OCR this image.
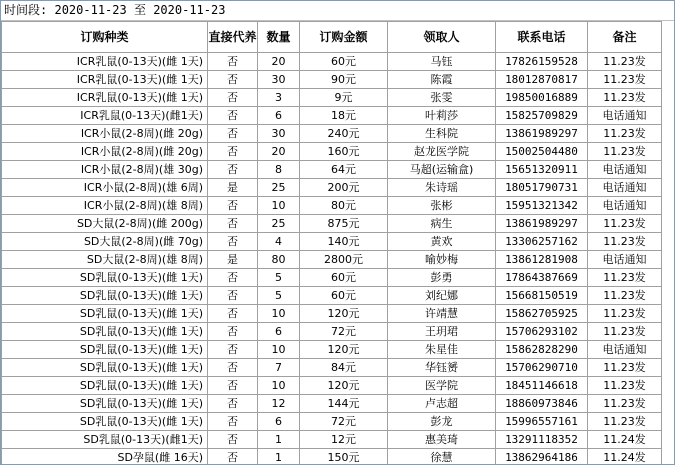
时间段: 2020-11-23 至 2020-11-23
订购种类	直接代养	数量	订购金额	领取人	联系电话	备注
ICR乳鼠(0-13天)(雌 1天)	否	20	60元	马钰	17826159528	11.23发
ICR乳鼠(0-13天)(雌 1天)	否	30	90元	陈霞	18012870817	11.23发
ICR乳鼠(0-13天)(雌 1天)	否	3	9元	张雯	19850016889	11.23发
ICR乳鼠(0-13天)(雌1天)	否	6	18元	叶莉莎	15825709829	电话通知
ICR小鼠(2-8周)(雌 20g)	否	30	240元	生科院	13861989297	11.23发
ICR小鼠(2-8周)(雌 20g)	否	20	160元	赵龙医学院	15002504480	11.23发
ICR小鼠(2-8周)(雄 30g)	否	8	64元	马超(运输盒)	15651320911	电话通知
ICR小鼠(2-8周)(雄 6周)	是	25	200元	朱诗瑶	18051790731	电话通知
ICR小鼠(2-8周)(雄 8周)	否	10	80元	张彬	15951321342	电话通知
SD大鼠(2-8周)(雌 200g)	否	25	875元	病生	13861989297	11.23发
SD大鼠(2-8周)(雌 70g)	否	4	140元	黄欢	13306257162	11.23发
SD大鼠(2-8周)(雄 8周)	是	80	2800元	喻妙梅	13861281908	电话通知
SD乳鼠(0-13天)(雌 1天)	否	5	60元	彭勇	17864387669	11.23发
SD乳鼠(0-13天)(雌 1天)	否	5	60元	刘纪娜	15668150519	11.23发
SD乳鼠(0-13天)(雌 1天)	否	10	120元	许靖慧	15862705925	11.23发
SD乳鼠(0-13天)(雌 1天)	否	6	72元	王玥珺	15706293102	11.23发
SD乳鼠(0-13天)(雌 1天)	否	10	120元	朱星佳	15862828290	电话通知
SD乳鼠(0-13天)(雌 1天)	否	7	84元	华钰赟	15706290710	11.23发
SD乳鼠(0-13天)(雌 1天)	否	10	120元	医学院	18451146618	11.23发
SD乳鼠(0-13天)(雌 1天)	否	12	144元	卢志超	18860973846	11.23发
SD乳鼠(0-13天)(雌 1天)	否	6	72元	彭龙	15996557161	11.23发
SD乳鼠(0-13天)(雌1天)	否	1	12元	惠美琦	13291118352	11.24发
SD孕鼠(雌 16天)	否	1	150元	徐慧	13862964186	11.24发
